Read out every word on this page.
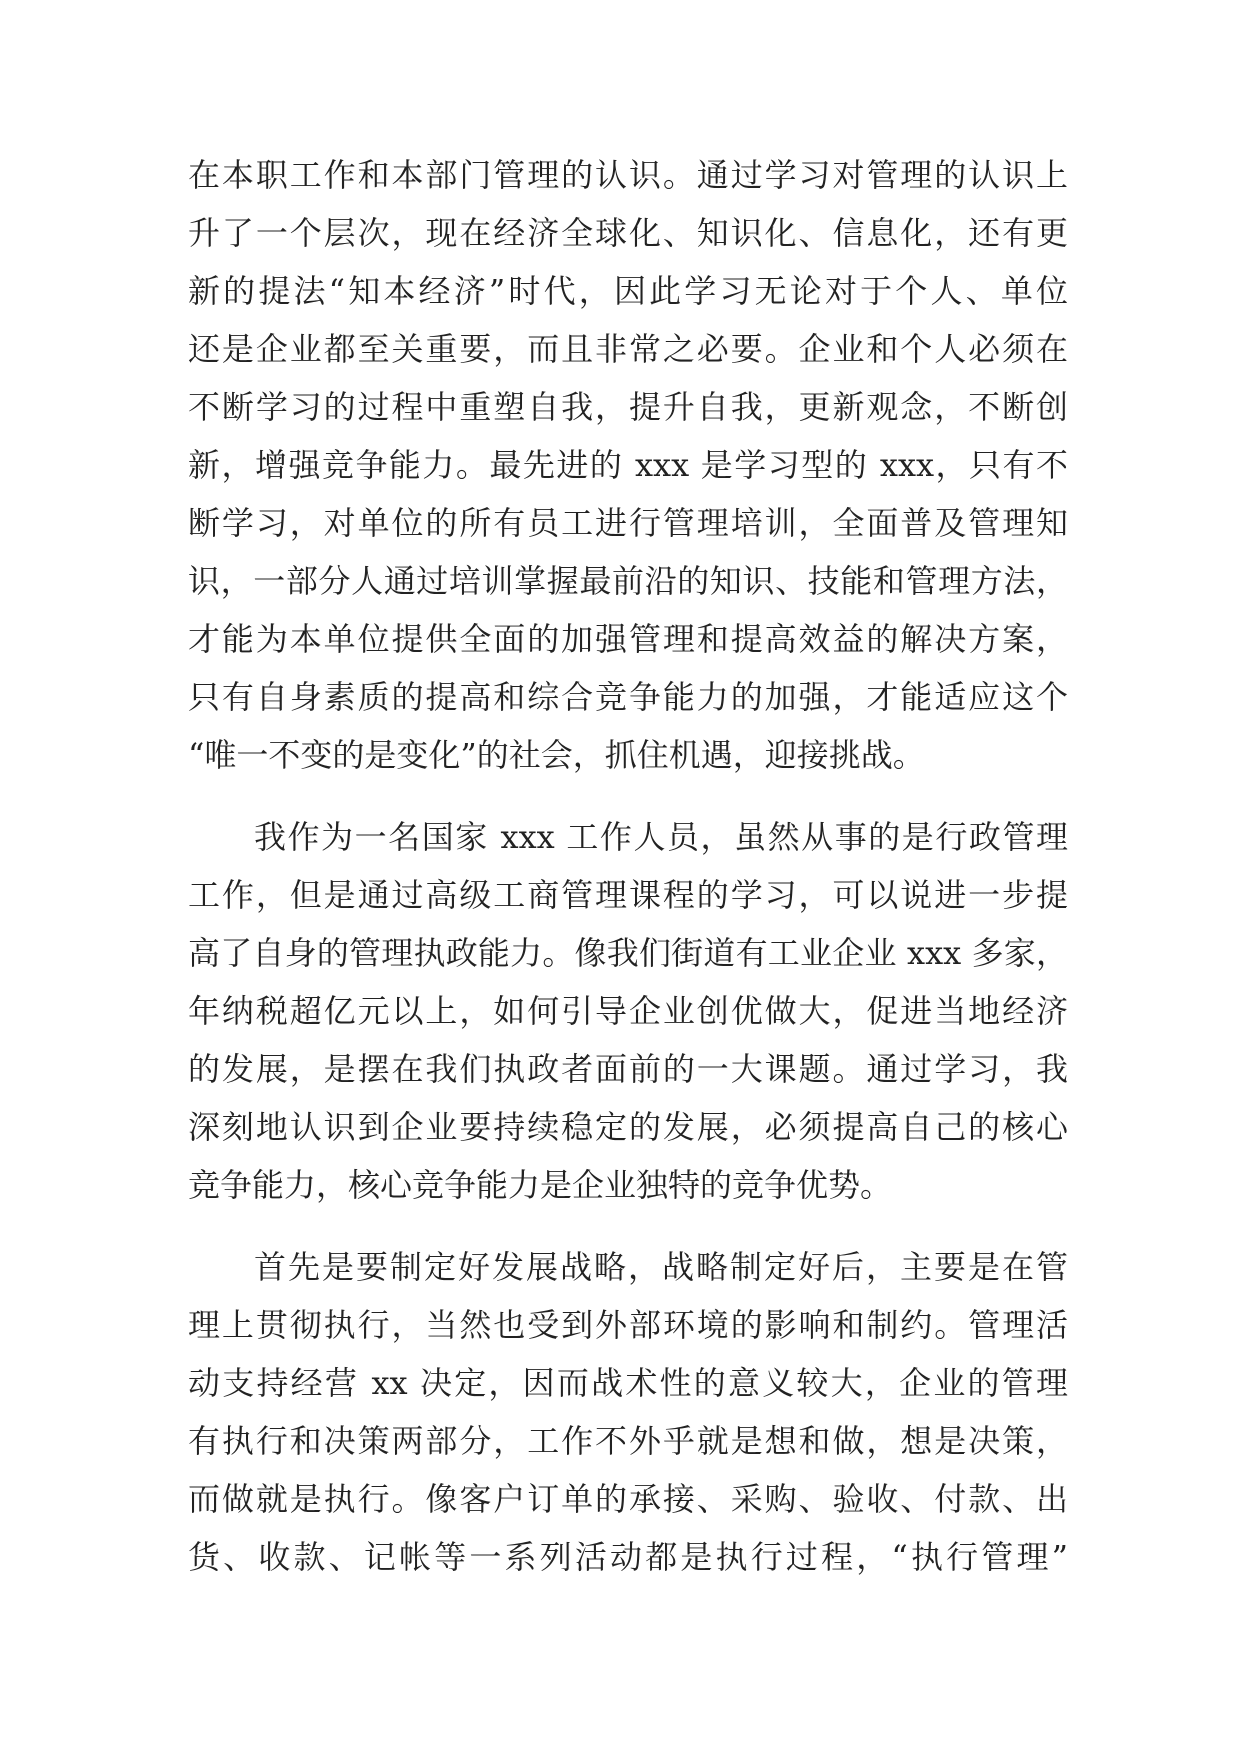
在本职工作和本部门管理的认识。通过学习对管理的认识上
升了一个层次，现在经济全球化、知识化、信息化，还有更
新的提法“知本经济”时代，因此学习无论对于个人、单位
还是企业都至关重要，而且非常之必要。企业和个人必须在
不断学习的过程中重塑自我，提升自我，更新观念，不断创
新，增强竞争能力。最先进的 xxx 是学习型的 xxx，只有不
断学习，对单位的所有员工进行管理培训，全面普及管理知
识，一部分人通过培训掌握最前沿的知识、技能和管理方法，
才能为本单位提供全面的加强管理和提高效益的解决方案，
只有自身素质的提高和综合竞争能力的加强，才能适应这个
“唯一不变的是变化”的社会，抓住机遇，迎接挑战。
我作为一名国家 xxx 工作人员，虽然从事的是行政管理
工作，但是通过高级工商管理课程的学习，可以说进一步提
高了自身的管理执政能力。像我们街道有工业企业 xxx 多家，
年纳税超亿元以上，如何引导企业创优做大，促进当地经济
的发展，是摆在我们执政者面前的一大课题。通过学习，我
深刻地认识到企业要持续稳定的发展，必须提高自己的核心
竞争能力，核心竞争能力是企业独特的竞争优势。
首先是要制定好发展战略，战略制定好后，主要是在管
理上贯彻执行，当然也受到外部环境的影响和制约。管理活
动支持经营 xx 决定，因而战术性的意义较大，企业的管理
有执行和决策两部分，工作不外乎就是想和做，想是决策，
而做就是执行。像客户订单的承接、采购、验收、付款、出
货、收款、记帐等一系列活动都是执行过程，“执行管理”
